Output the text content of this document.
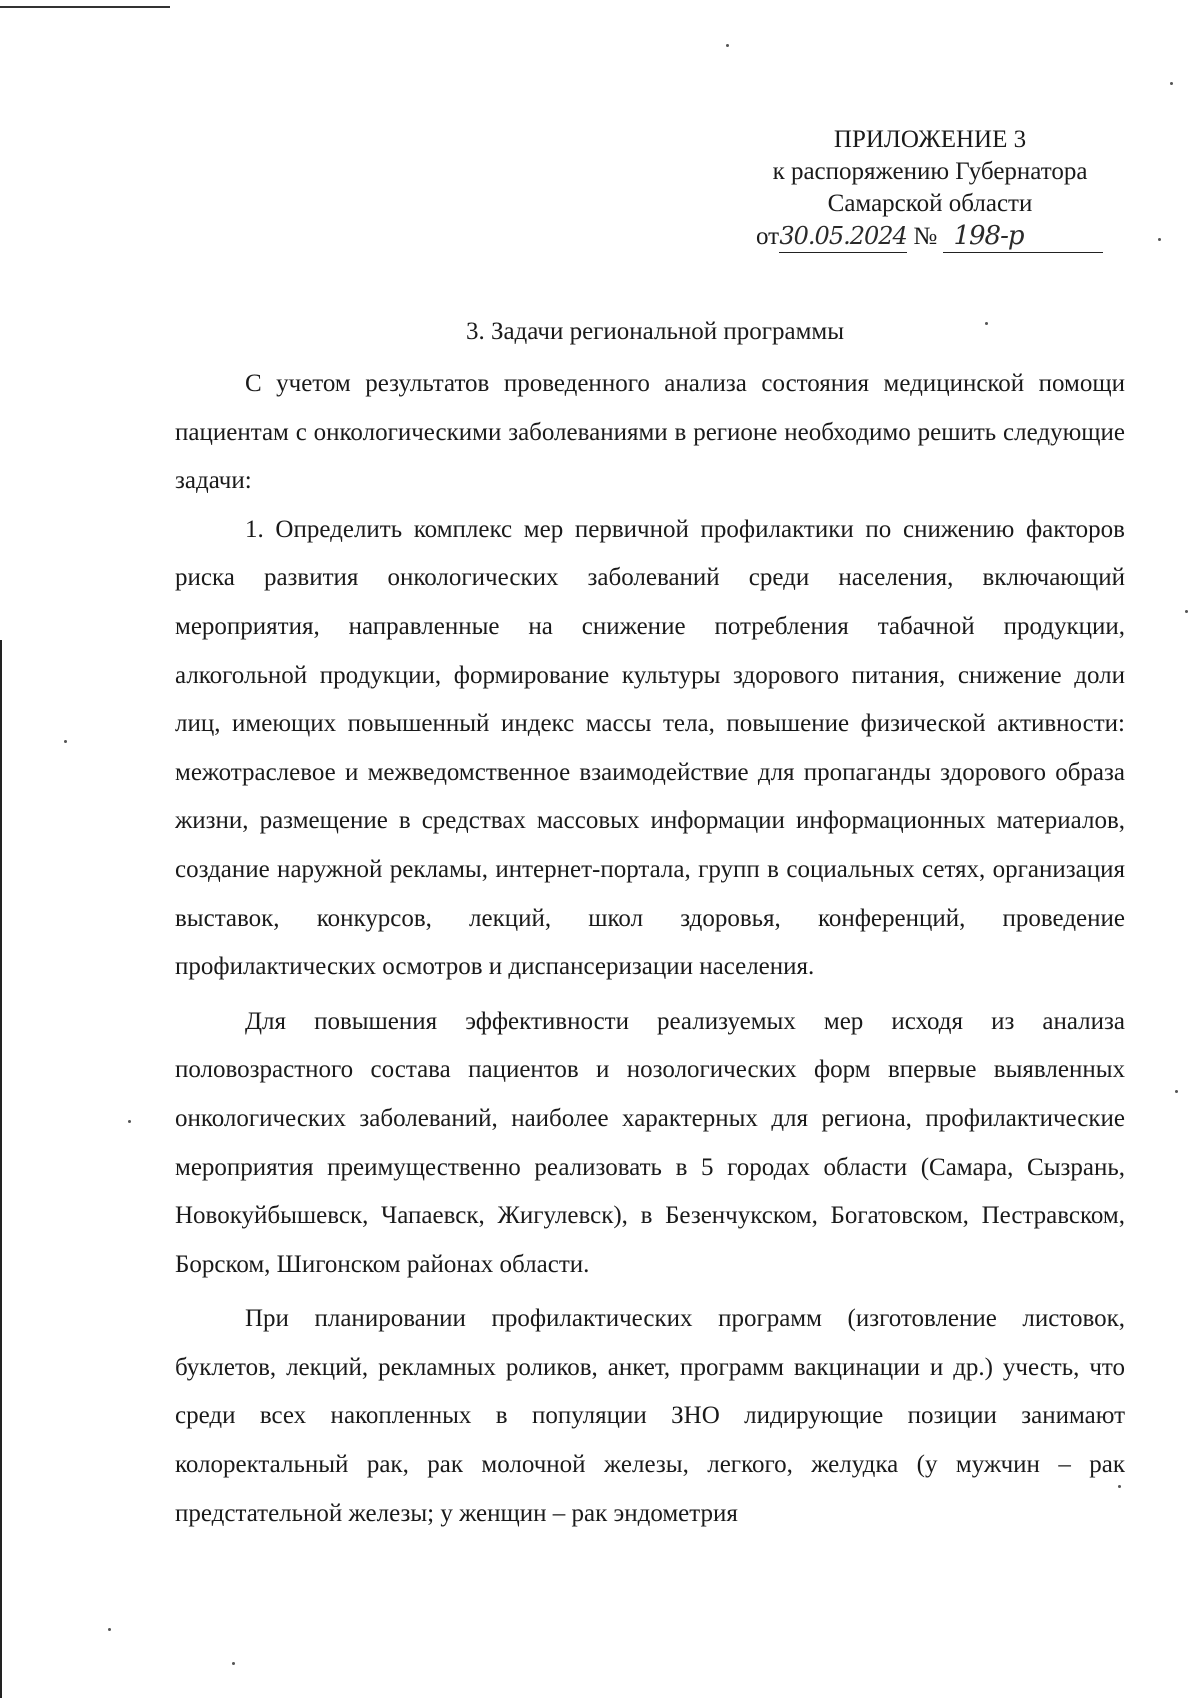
ПРИЛОЖЕНИЕ 3
к распоряжению Губернатора
Самарской области
от30.05.2024 № 198-р
3. Задачи региональной программы

С учетом результатов проведенного анализа состояния медицинской помощи пациентам с онкологическими заболеваниями в регионе необходимо решить следующие задачи:

1. Определить комплекс мер первичной профилактики по снижению факторов риска развития онкологических заболеваний среди населения, включающий мероприятия, направленные на снижение потребления табачной продукции, алкогольной продукции, формирование культуры здорового питания, снижение доли лиц, имеющих повышенный индекс массы тела, повышение физической активности: межотраслевое и межведомственное взаимодействие для пропаганды здорового образа жизни, размещение в средствах массовых информации информационных материалов, создание наружной рекламы, интернет-портала, групп в социальных сетях, организация выставок, конкурсов, лекций, школ здоровья, конференций, проведение профилактических осмотров и диспансеризации населения.

Для повышения эффективности реализуемых мер исходя из анализа половозрастного состава пациентов и нозологических форм впервые выявленных онкологических заболеваний, наиболее характерных для региона, профилактические мероприятия преимущественно реализовать в 5 городах области (Самара, Сызрань, Новокуйбышевск, Чапаевск, Жигулевск), в Безенчукском, Богатовском, Пестравском, Борском, Шигонском районах области.

При планировании профилактических программ (изготовление листовок, буклетов, лекций, рекламных роликов, анкет, программ вакцинации и др.) учесть, что среди всех накопленных в популяции ЗНО лидирующие позиции занимают колоректальный рак, рак молочной железы, легкого, желудка (у мужчин – рак предстательной железы; у женщин – рак эндометрия
